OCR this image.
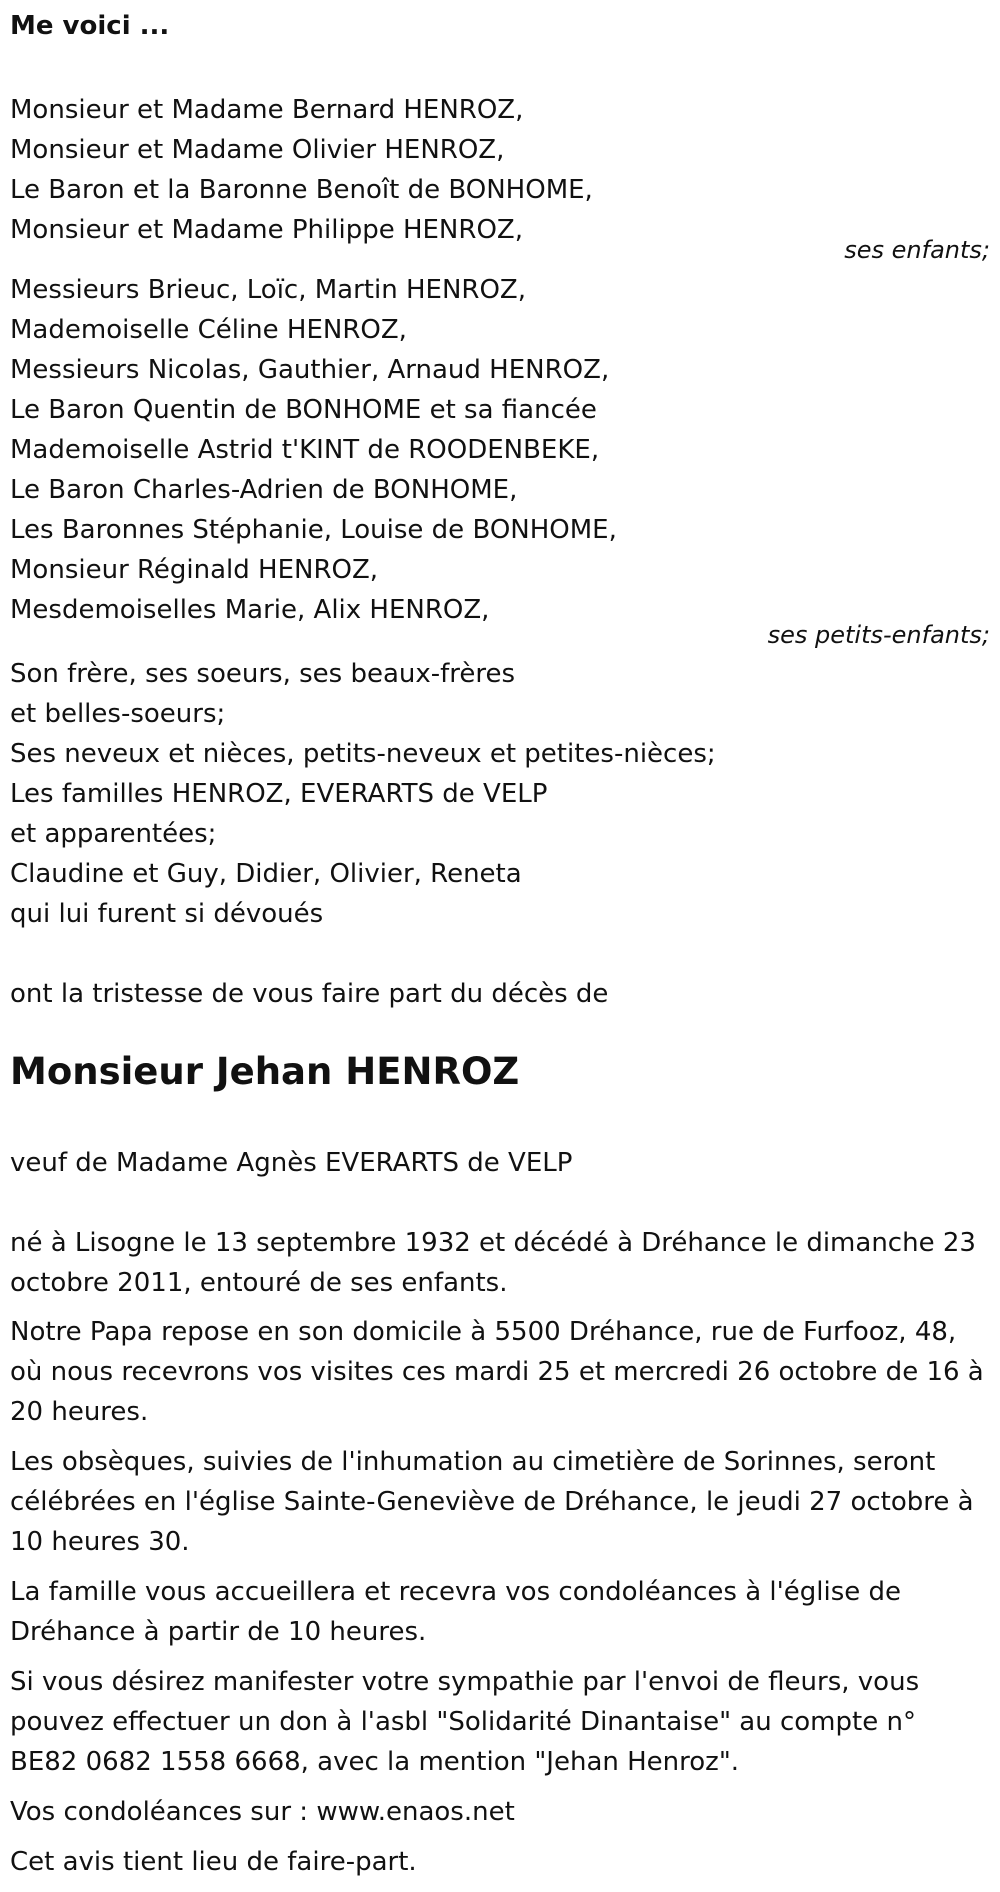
Me voici ...
Monsieur et Madame Bernard HENROZ,
Monsieur et Madame Olivier HENROZ,
Le Baron et la Baronne Benoît de BONHOME,
Monsieur et Madame Philippe HENROZ,
ses enfants;
Messieurs Brieuc, Loïc, Martin HENROZ,
Mademoiselle Céline HENROZ,
Messieurs Nicolas, Gauthier, Arnaud HENROZ,
Le Baron Quentin de BONHOME et sa fiancée
Mademoiselle Astrid t'KINT de ROODENBEKE,
Le Baron Charles-Adrien de BONHOME,
Les Baronnes Stéphanie, Louise de BONHOME,
Monsieur Réginald HENROZ,
Mesdemoiselles Marie, Alix HENROZ,
ses petits-enfants;
Son frère, ses soeurs, ses beaux-frères
et belles-soeurs;
Ses neveux et nièces, petits-neveux et petites-nièces;
Les familles HENROZ, EVERARTS de VELP
et apparentées;
Claudine et Guy, Didier, Olivier, Reneta
qui lui furent si dévoués
ont la tristesse de vous faire part du décès de
Monsieur Jehan HENROZ
veuf de Madame Agnès EVERARTS de VELP
né à Lisogne le 13 septembre 1932 et décédé à Dréhance le dimanche 23 octobre 2011, entouré de ses enfants.
Notre Papa repose en son domicile à 5500 Dréhance, rue de Furfooz, 48, où nous recevrons vos visites ces mardi 25 et mercredi 26 octobre de 16 à 20 heures.
Les obsèques, suivies de l'inhumation au cimetière de Sorinnes, seront célébrées en l'église Sainte-Geneviève de Dréhance, le jeudi 27 octobre à 10 heures 30.
La famille vous accueillera et recevra vos condoléances à l'église de Dréhance à partir de 10 heures.
Si vous désirez manifester votre sympathie par l'envoi de fleurs, vous pouvez effectuer un don à l'asbl "Solidarité Dinantaise" au compte n° BE82 0682 1558 6668, avec la mention "Jehan Henroz".
Vos condoléances sur : www.enaos.net
Cet avis tient lieu de faire-part.
